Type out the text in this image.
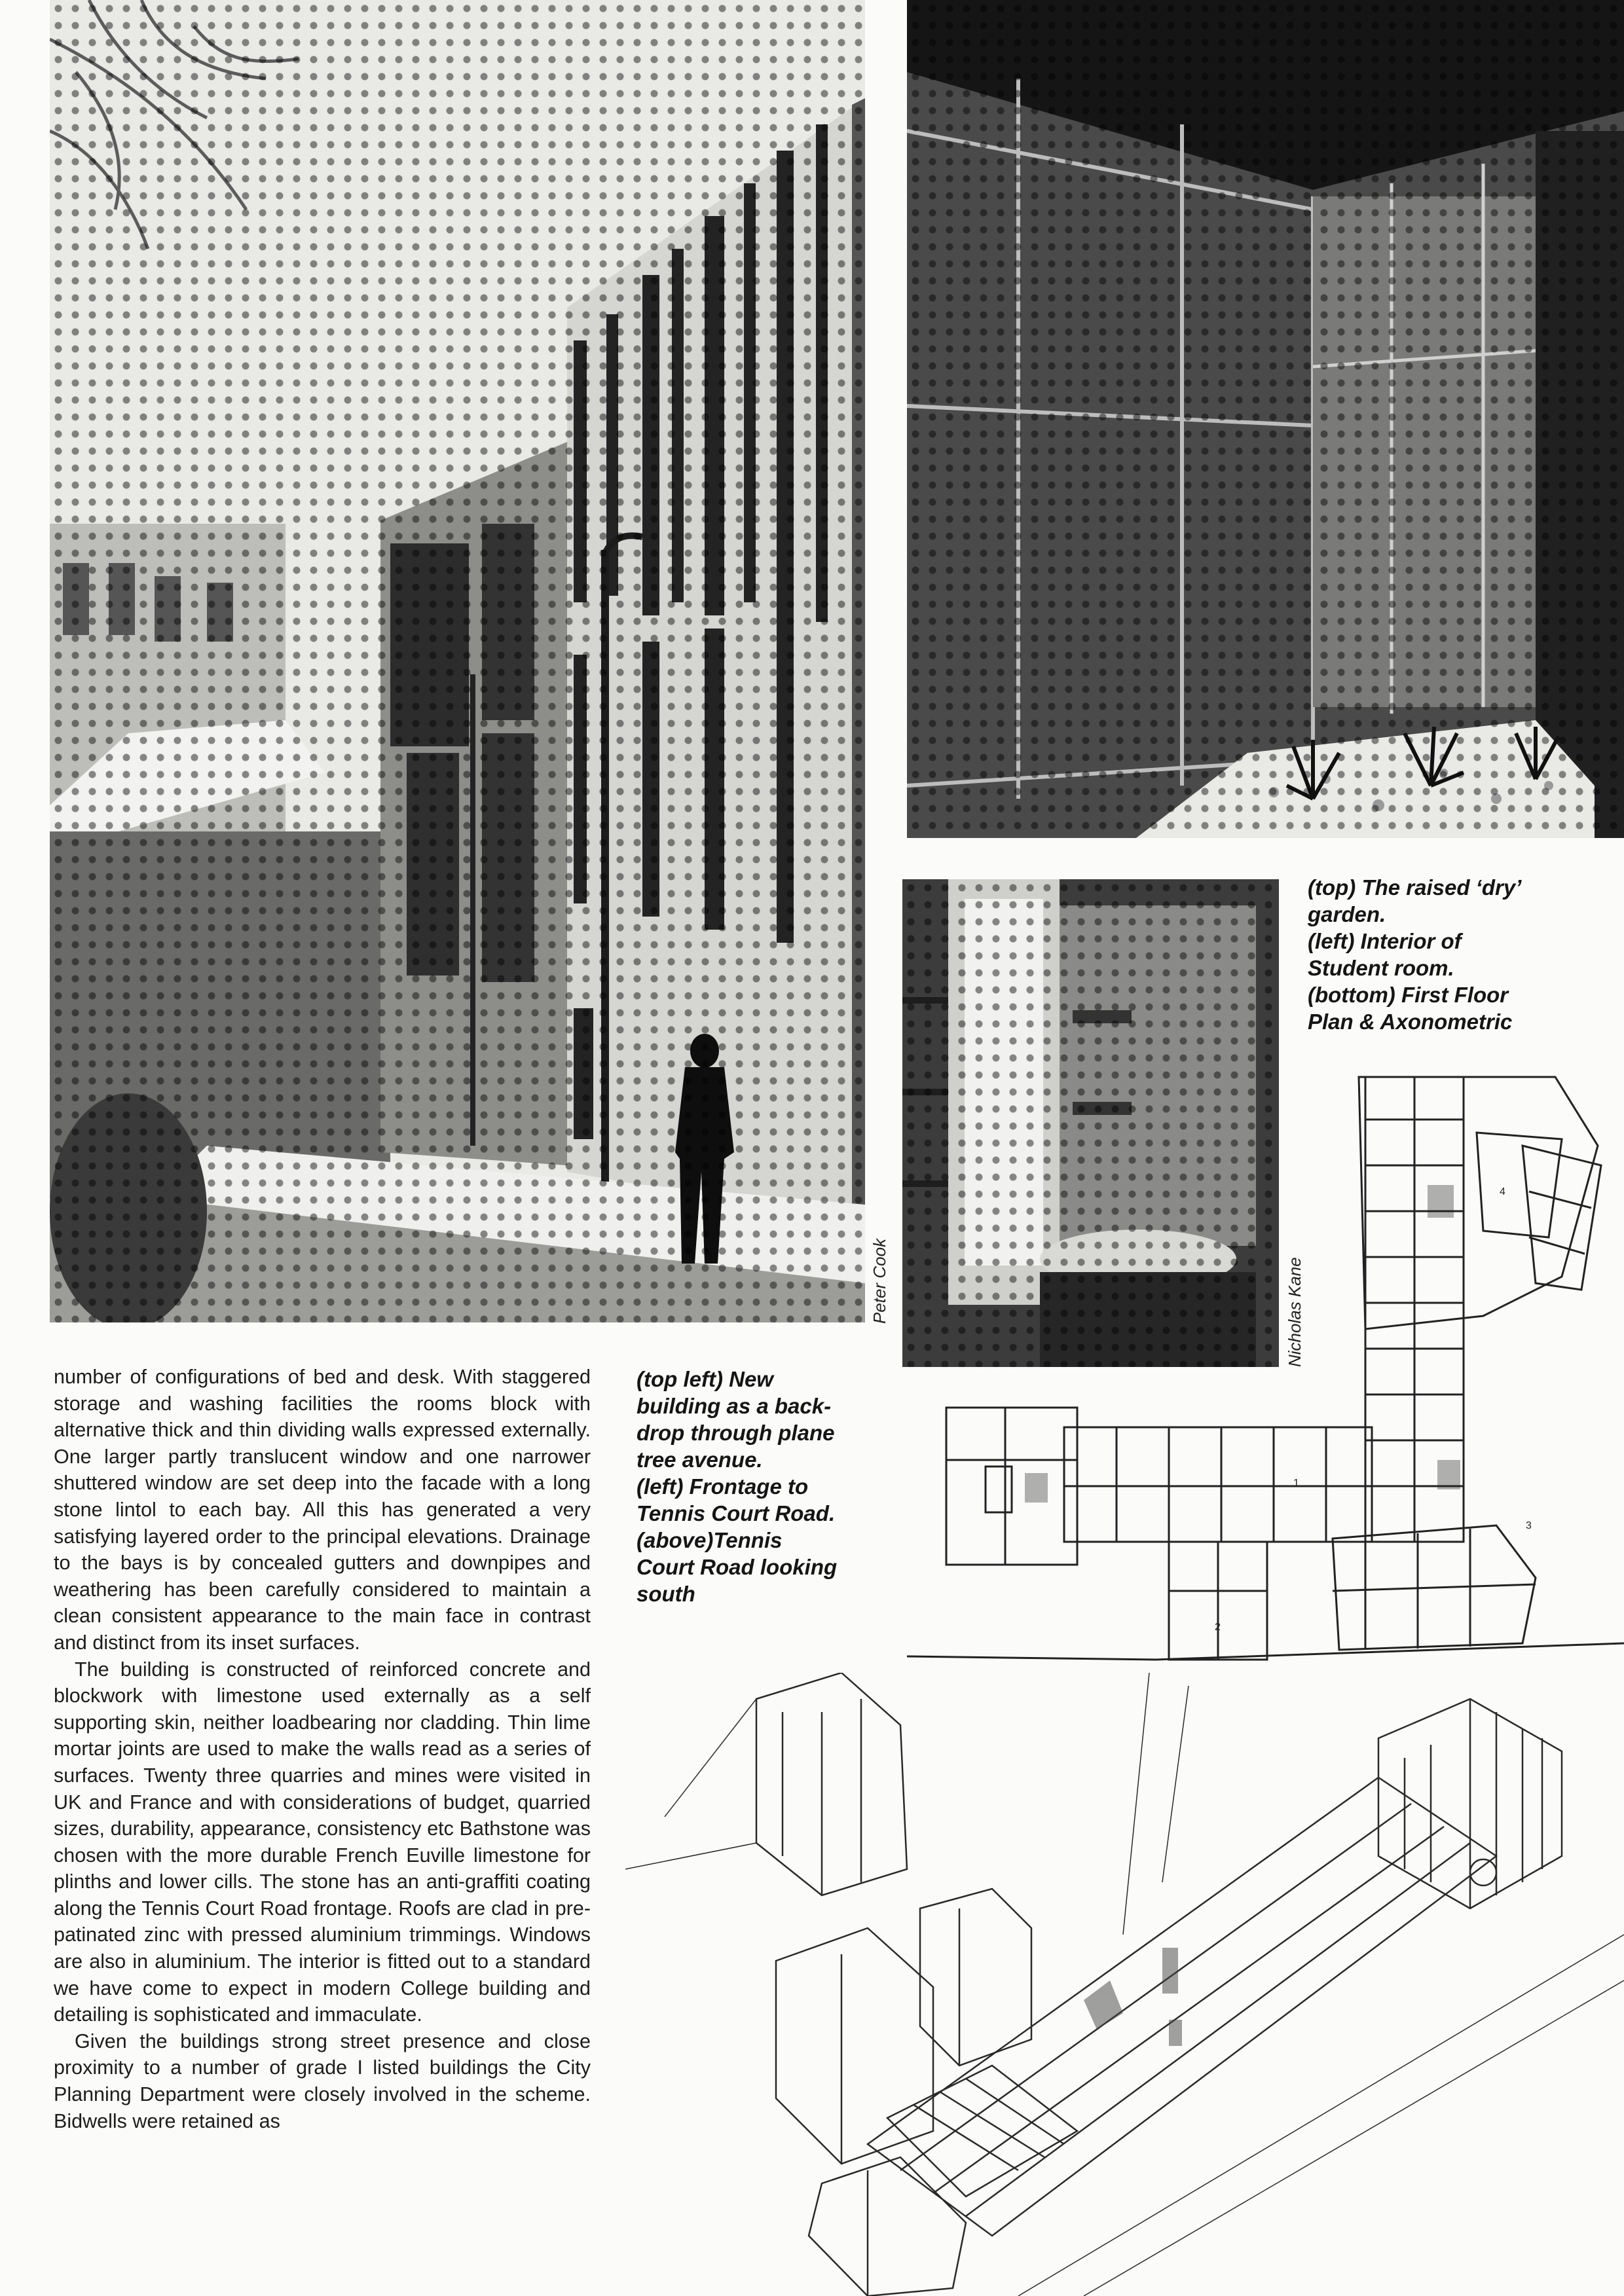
Peter Cook	Nicholas Kane

(top) The raised ‘dry’

garden.

(left) Interior of

Student room.

(bottom) First Floor

Plan & Axonometric

(top left) New

building as a back-

drop through plane

tree avenue.

(left) Frontage to

Tennis Court Road.

(above)Tennis

Court Road looking

south

1
2
3
4

number of configurations of bed and desk. With staggered storage and washing facilities the rooms block with alternative thick and thin dividing walls expressed externally. One larger partly translucent window and one narrower shuttered window are set deep into the facade with a long stone lintol to each bay. All this has generated a very satisfying layered order to the principal elevations. Drainage to the bays is by concealed gutters and downpipes and weathering has been carefully considered to maintain a clean consistent appearance to the main face in contrast and distinct from its inset surfaces.

The building is constructed of reinforced concrete and blockwork with limestone used externally as a self supporting skin, neither loadbearing nor cladding. Thin lime mortar joints are used to make the walls read as a series of surfaces. Twenty three quarries and mines were visited in UK and France and with considerations of budget, quarried sizes, durability, appearance, consistency etc Bathstone was chosen with the more durable French Euville limestone for plinths and lower cills. The stone has an anti-graffiti coating along the Tennis Court Road frontage. Roofs are clad in pre-patinated zinc with pressed aluminium trimmings. Windows are also in aluminium. The interior is fitted out to a standard we have come to expect in modern College building and detailing is sophisticated and immaculate.

Given the buildings strong street presence and close proximity to a number of grade I listed buildings the City Planning Department were closely involved in the scheme. Bidwells were retained as
